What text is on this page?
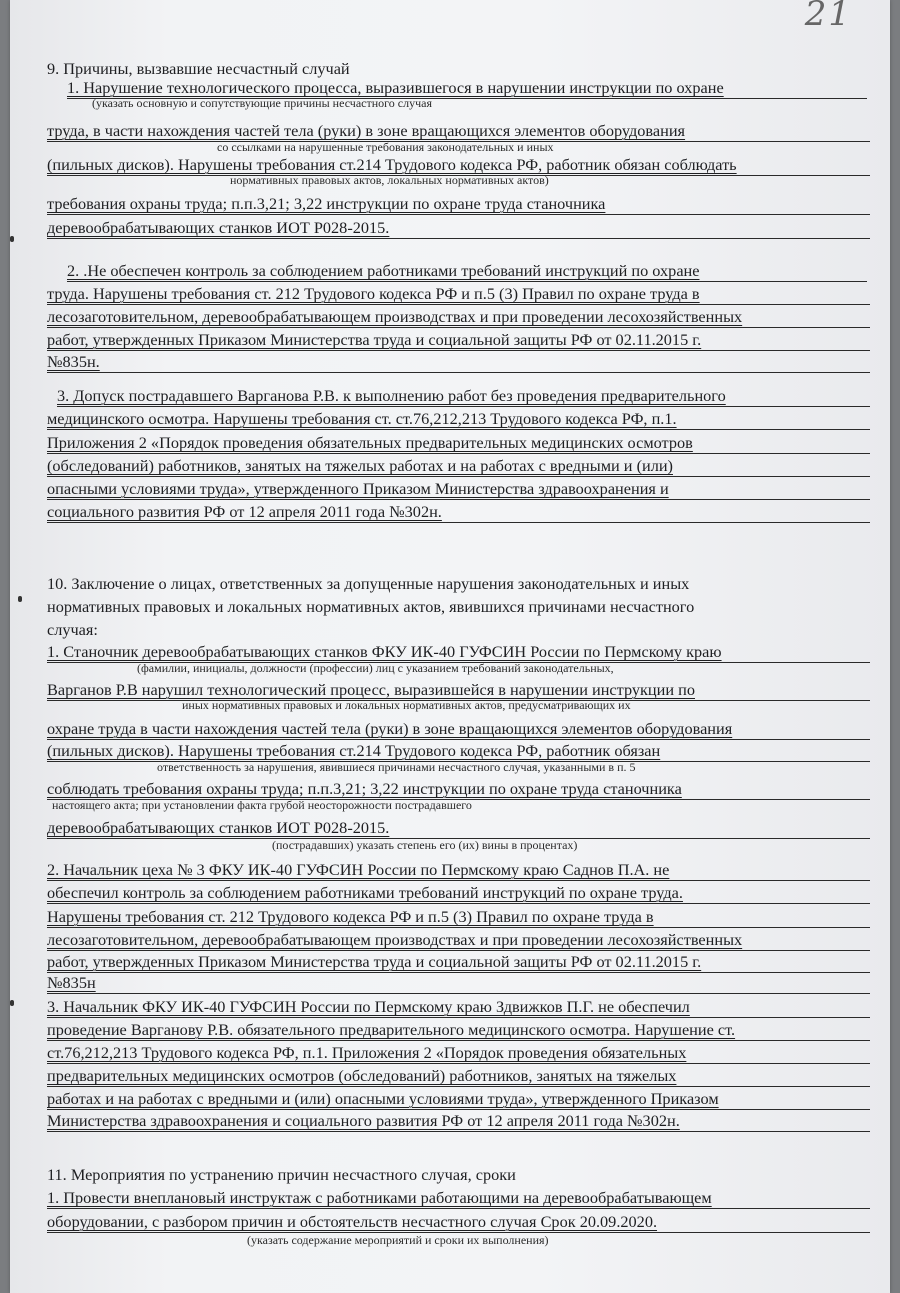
21
9. Причины, вызвавшие несчастный случай
1. Нарушение технологического процесса, выразившегося в нарушении инструкции по охране
(указать основную и сопутствующие причины несчастного случая
труда, в части нахождения частей тела (руки) в зоне вращающихся элементов оборудования
со ссылками на нарушенные требования законодательных и иных
(пильных дисков). Нарушены требования ст.214 Трудового кодекса РФ, работник обязан соблюдать
нормативных правовых актов, локальных нормативных актов)
требования охраны труда; п.п.3,21; 3,22 инструкции по охране труда станочника
деревообрабатывающих станков ИОТ Р028-2015.
2. .Не обеспечен контроль за соблюдением работниками требований инструкций по охране
труда. Нарушены требования ст. 212 Трудового кодекса РФ и п.5 (3) Правил по охране труда в
лесозаготовительном, деревообрабатывающем производствах и при проведении лесохозяйственных
работ, утвержденных Приказом Министерства труда и социальной защиты РФ от 02.11.2015 г.
№835н.
3. Допуск пострадавшего Варганова Р.В. к выполнению работ без проведения предварительного
медицинского осмотра. Нарушены требования ст. ст.76,212,213 Трудового кодекса РФ, п.1.
Приложения 2 «Порядок проведения обязательных предварительных медицинских осмотров
(обследований) работников, занятых на тяжелых работах и на работах с вредными и (или)
опасными условиями труда», утвержденного Приказом Министерства здравоохранения и
социального развития РФ от 12 апреля 2011 года №302н.
10. Заключение о лицах, ответственных за допущенные нарушения законодательных и иных
нормативных правовых и локальных нормативных актов, явившихся причинами несчастного
случая:
1. Станочник деревообрабатывающих станков ФКУ ИК-40 ГУФСИН России по Пермскому краю
(фамилии, инициалы, должности (профессии) лиц с указанием требований законодательных,
Варганов Р.В нарушил технологический процесс, выразившейся в нарушении инструкции по
иных нормативных правовых и локальных нормативных актов, предусматривающих их
охране труда в части нахождения частей тела (руки) в зоне вращающихся элементов оборудования
(пильных дисков). Нарушены требования ст.214 Трудового кодекса РФ, работник обязан
ответственность за нарушения, явившиеся причинами несчастного случая, указанными в п. 5
соблюдать требования охраны труда; п.п.3,21; 3,22 инструкции по охране труда станочника
настоящего акта; при установлении факта грубой неосторожности пострадавшего
деревообрабатывающих станков ИОТ Р028-2015.
(пострадавших) указать степень его (их) вины в процентах)
2. Начальник цеха № 3 ФКУ ИК-40 ГУФСИН России по Пермскому краю Саднов П.А. не
обеспечил контроль за соблюдением работниками требований инструкций по охране труда.
Нарушены требования ст. 212 Трудового кодекса РФ и п.5 (3) Правил по охране труда в
лесозаготовительном, деревообрабатывающем производствах и при проведении лесохозяйственных
работ, утвержденных Приказом Министерства труда и социальной защиты РФ от 02.11.2015 г.
№835н
3. Начальник ФКУ ИК-40 ГУФСИН России по Пермскому краю Здвижков П.Г. не обеспечил
проведение Варганову Р.В. обязательного предварительного медицинского осмотра. Нарушение ст.
ст.76,212,213 Трудового кодекса РФ, п.1. Приложения 2 «Порядок проведения обязательных
предварительных медицинских осмотров (обследований) работников, занятых на тяжелых
работах и на работах с вредными и (или) опасными условиями труда», утвержденного Приказом
Министерства здравоохранения и социального развития РФ от 12 апреля 2011 года №302н.
11. Мероприятия по устранению причин несчастного случая, сроки
1. Провести внеплановый инструктаж с работниками работающими на деревообрабатывающем
оборудовании, с разбором причин и обстоятельств несчастного случая Срок 20.09.2020.
(указать содержание мероприятий и сроки их выполнения)
